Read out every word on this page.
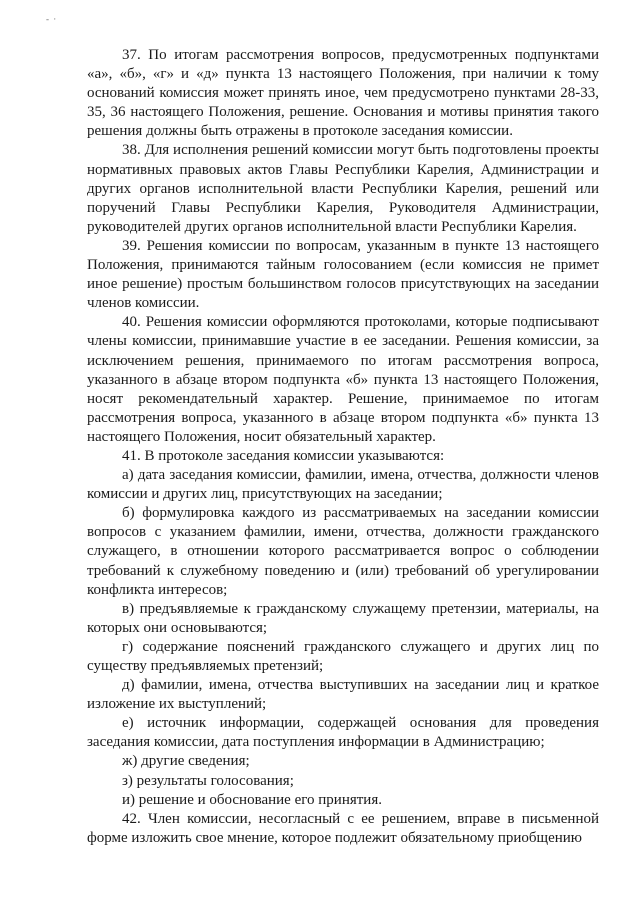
- ·

37. По итогам рассмотрения вопросов, предусмотренных подпунктами «а», «б», «г» и «д» пункта 13 настоящего Положения, при наличии к тому оснований комиссия может принять иное, чем предусмотрено пунктами 28-33, 35, 36 настоящего Положения, решение. Основания и мотивы принятия такого решения должны быть отражены в протоколе заседания комиссии.

38. Для исполнения решений комиссии могут быть подготовлены проекты нормативных правовых актов Главы Республики Карелия, Администрации и других органов исполнительной власти Республики Карелия, решений или поручений Главы Республики Карелия, Руководителя Администрации, руководителей других органов исполнительной власти Республики Карелия.

39. Решения комиссии по вопросам, указанным в пункте 13 настоящего Положения, принимаются тайным голосованием (если комиссия не примет иное решение) простым большинством голосов присутствующих на заседании членов комиссии.

40. Решения комиссии оформляются протоколами, которые подписывают члены комиссии, принимавшие участие в ее заседании. Решения комиссии, за исключением решения, принимаемого по итогам рассмотрения вопроса, указанного в абзаце втором подпункта «б» пункта 13 настоящего Положения, носят рекомендательный характер. Решение, принимаемое по итогам рассмотрения вопроса, указанного в абзаце втором подпункта «б» пункта 13 настоящего Положения, носит обязательный характер.

41. В протоколе заседания комиссии указываются:

а) дата заседания комиссии, фамилии, имена, отчества, должности членов комиссии и других лиц, присутствующих на заседании;

б) формулировка каждого из рассматриваемых на заседании комиссии вопросов с указанием фамилии, имени, отчества, должности гражданского служащего, в отношении которого рассматривается вопрос о соблюдении требований к служебному поведению и (или) требований об урегулировании конфликта интересов;

в) предъявляемые к гражданскому служащему претензии, материалы, на которых они основываются;

г) содержание пояснений гражданского служащего и других лиц по существу предъявляемых претензий;

д) фамилии, имена, отчества выступивших на заседании лиц и краткое изложение их выступлений;

е) источник информации, содержащей основания для проведения заседания комиссии, дата поступления информации в Администрацию;

ж) другие сведения;

з) результаты голосования;

и) решение и обоснование его принятия.

42. Член комиссии, несогласный с ее решением, вправе в письменной форме изложить свое мнение, которое подлежит обязательному приобщению
